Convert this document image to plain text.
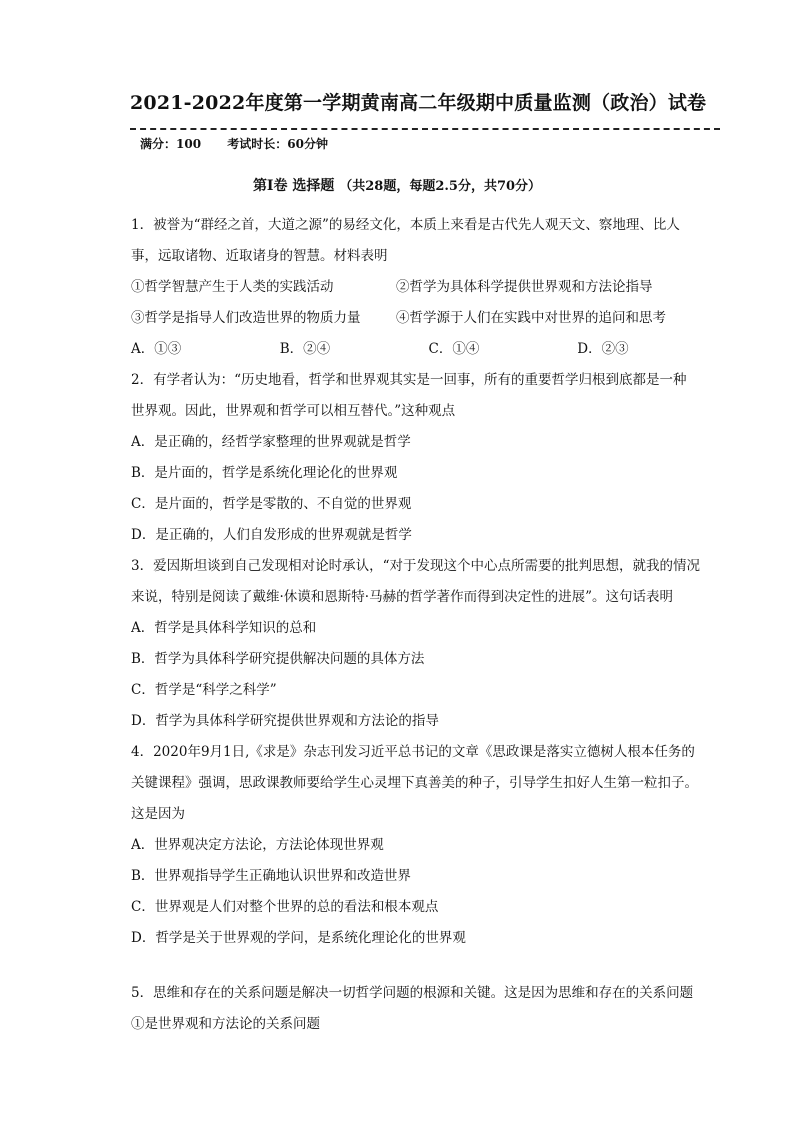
2021-2022年度第一学期黄南高二年级期中质量监测（政治）试卷
满分：100 考试时长：60分钟
第Ⅰ卷 选择题 （共28题，每题2.5分，共70分）
1．被誉为“群经之首，大道之源”的易经文化，本质上来看是古代先人观天文、察地理、比人
事，远取诸物、近取诸身的智慧。材料表明
①哲学智慧产生于人类的实践活动	②哲学为具体科学提供世界观和方法论指导
③哲学是指导人们改造世界的物质力量	④哲学源于人们在实践中对世界的追问和思考
A．①③	B．②④	C．①④	D．②③
2．有学者认为：“历史地看，哲学和世界观其实是一回事，所有的重要哲学归根到底都是一种
世界观。因此，世界观和哲学可以相互替代。”这种观点
A．是正确的，经哲学家整理的世界观就是哲学
B．是片面的，哲学是系统化理论化的世界观
C．是片面的，哲学是零散的、不自觉的世界观
D．是正确的，人们自发形成的世界观就是哲学
3．爱因斯坦谈到自己发现相对论时承认，“对于发现这个中心点所需要的批判思想，就我的情况
来说，特别是阅读了戴维·休谟和恩斯特·马赫的哲学著作而得到决定性的进展”。这句话表明
A．哲学是具体科学知识的总和
B．哲学为具体科学研究提供解决问题的具体方法
C．哲学是“科学之科学”
D．哲学为具体科学研究提供世界观和方法论的指导
4．2020年9月1日,《求是》杂志刊发习近平总书记的文章《思政课是落实立德树人根本任务的
关键课程》强调，思政课教师要给学生心灵埋下真善美的种子，引导学生扣好人生第一粒扣子。
这是因为
A．世界观决定方法论，方法论体现世界观
B．世界观指导学生正确地认识世界和改造世界
C．世界观是人们对整个世界的总的看法和根本观点
D．哲学是关于世界观的学问，是系统化理论化的世界观
5．思维和存在的关系问题是解决一切哲学问题的根源和关键。这是因为思维和存在的关系问题
①是世界观和方法论的关系问题
